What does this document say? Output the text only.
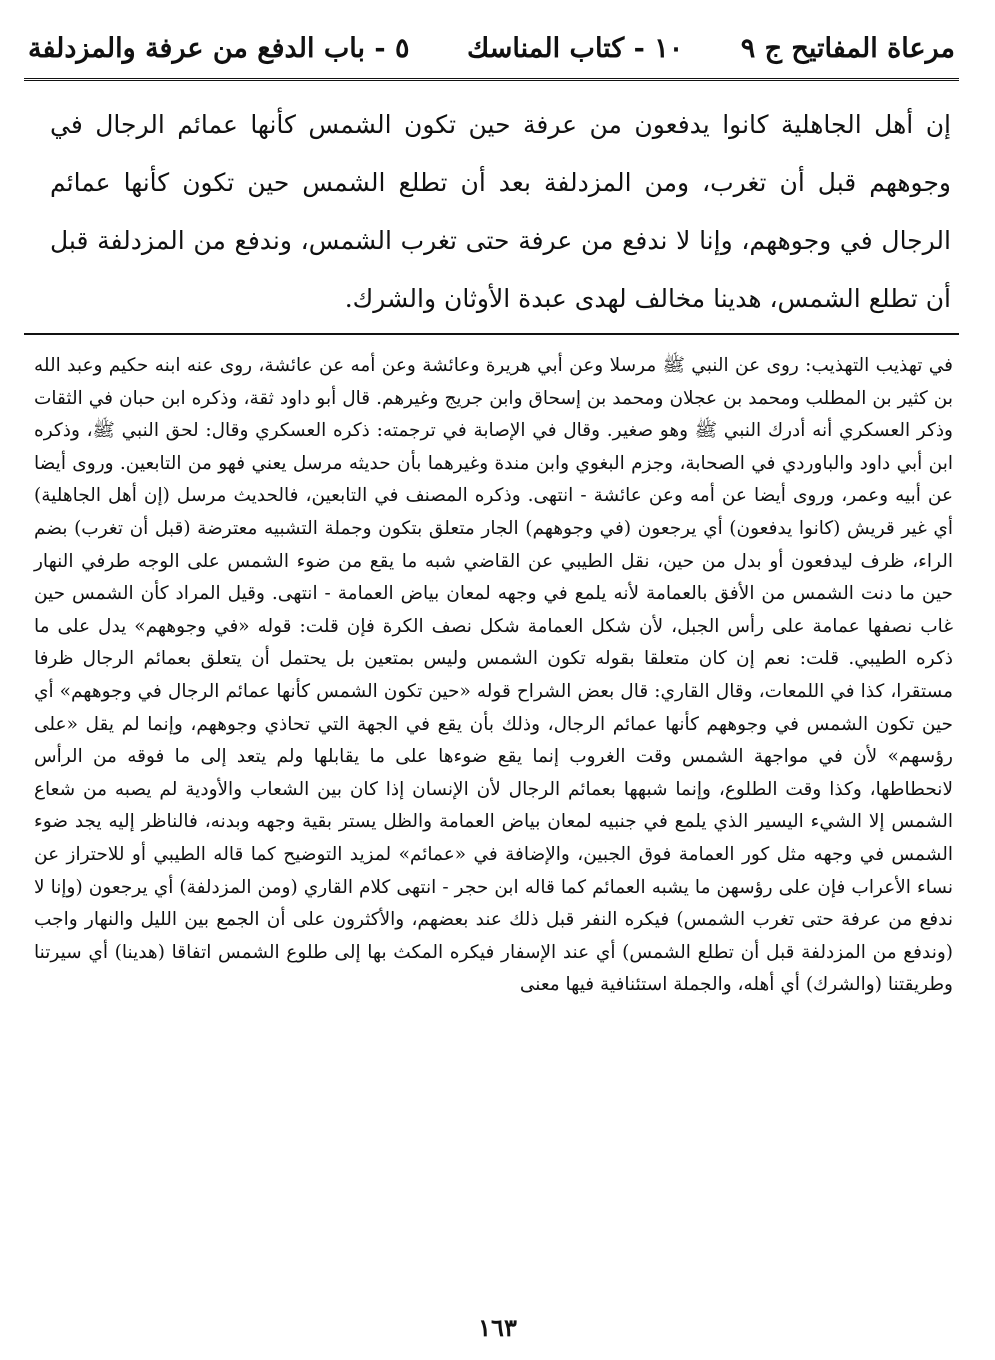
مرعاة المفاتيح ج ٩
١٠ - كتاب المناسك
٥ - باب الدفع من عرفة والمزدلفة

إن أهل الجاهلية كانوا يدفعون من عرفة حين تكون الشمس كأنها عمائم الرجال في وجوههم قبل أن تغرب، ومن المزدلفة بعد أن تطلع الشمس حين تكون كأنها عمائم الرجال في وجوههم، وإنا لا ندفع من عرفة حتى تغرب الشمس، وندفع من المزدلفة قبل أن تطلع الشمس، هدينا مخالف لهدى عبدة الأوثان والشرك.

في تهذيب التهذيب: روى عن النبي ﷺ مرسلا وعن أبي هريرة وعائشة وعن أمه عن عائشة، روى عنه ابنه حكيم وعبد الله بن كثير بن المطلب ومحمد بن عجلان ومحمد بن إسحاق وابن جريج وغيرهم. قال أبو داود ثقة، وذكره ابن حبان في الثقات وذكر العسكري أنه أدرك النبي ﷺ وهو صغير. وقال في الإصابة في ترجمته: ذكره العسكري وقال: لحق النبي ﷺ، وذكره ابن أبي داود والباوردي في الصحابة، وجزم البغوي وابن مندة وغيرهما بأن حديثه مرسل يعني فهو من التابعين. وروى أيضا عن أبيه وعمر، وروى أيضا عن أمه وعن عائشة - انتهى. وذكره المصنف في التابعين، فالحديث مرسل (إن أهل الجاهلية) أي غير قريش (كانوا يدفعون) أي يرجعون (في وجوههم) الجار متعلق بتكون وجملة التشبيه معترضة (قبل أن تغرب) بضم الراء، ظرف ليدفعون أو بدل من حين، نقل الطيبي عن القاضي شبه ما يقع من ضوء الشمس على الوجه طرفي النهار حين ما دنت الشمس من الأفق بالعمامة لأنه يلمع في وجهه لمعان بياض العمامة - انتهى. وقيل المراد كأن الشمس حين غاب نصفها عمامة على رأس الجبل، لأن شكل العمامة شكل نصف الكرة فإن قلت: قوله «في وجوههم» يدل على ما ذكره الطيبي. قلت: نعم إن كان متعلقا بقوله تكون الشمس وليس بمتعين بل يحتمل أن يتعلق بعمائم الرجال ظرفا مستقرا، كذا في اللمعات، وقال القاري: قال بعض الشراح قوله «حين تكون الشمس كأنها عمائم الرجال في وجوههم» أي حين تكون الشمس في وجوههم كأنها عمائم الرجال، وذلك بأن يقع في الجهة التي تحاذي وجوههم، وإنما لم يقل «على رؤسهم» لأن في مواجهة الشمس وقت الغروب إنما يقع ضوءها على ما يقابلها ولم يتعد إلى ما فوقه من الرأس لانحطاطها، وكذا وقت الطلوع، وإنما شبهها بعمائم الرجال لأن الإنسان إذا كان بين الشعاب والأودية لم يصبه من شعاع الشمس إلا الشيء اليسير الذي يلمع في جنبيه لمعان بياض العمامة والظل يستر بقية وجهه وبدنه، فالناظر إليه يجد ضوء الشمس في وجهه مثل كور العمامة فوق الجبين، والإضافة في «عمائم» لمزيد التوضيح كما قاله الطيبي أو للاحتراز عن نساء الأعراب فإن على رؤسهن ما يشبه العمائم كما قاله ابن حجر - انتهى كلام القاري (ومن المزدلفة) أي يرجعون (وإنا لا ندفع من عرفة حتى تغرب الشمس) فيكره النفر قبل ذلك عند بعضهم، والأكثرون على أن الجمع بين الليل والنهار واجب (وندفع من المزدلفة قبل أن تطلع الشمس) أي عند الإسفار فيكره المكث بها إلى طلوع الشمس اتفاقا (هدينا) أي سيرتنا وطريقتنا (والشرك) أي أهله، والجملة استئنافية فيها معنى

١٦٣
